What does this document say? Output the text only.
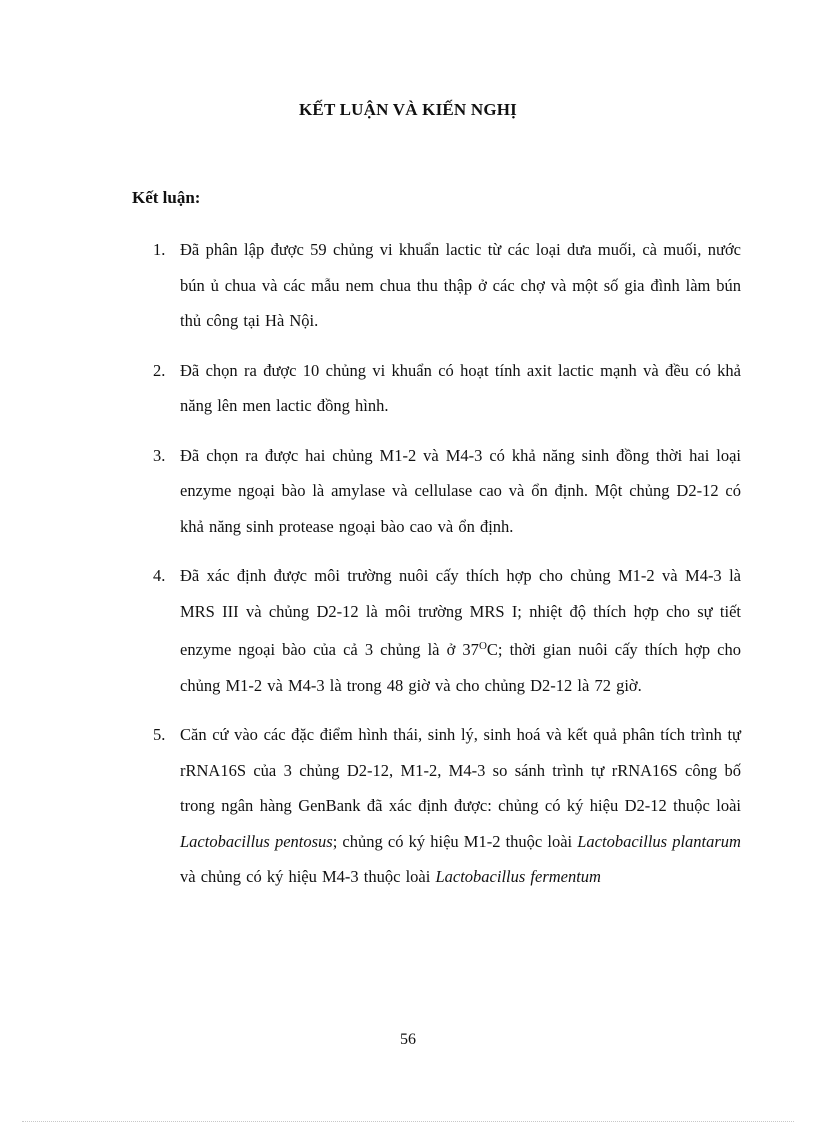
KẾT LUẬN VÀ KIẾN NGHỊ
Kết luận:
1. Đã phân lập được 59 chủng vi khuẩn lactic từ các loại dưa muối, cà muối, nước bún ủ chua và các mẫu nem chua thu thập ở các chợ và một số gia đình làm bún thủ công tại Hà Nội.
2. Đã chọn ra được 10 chủng vi khuẩn có hoạt tính axit lactic mạnh và đều có khả năng lên men lactic đồng hình.
3. Đã chọn ra được hai chủng M1-2 và M4-3 có khả năng sinh đồng thời hai loại enzyme ngoại bào là amylase và cellulase cao và ổn định. Một chủng D2-12 có khả năng sinh protease ngoại bào cao và ổn định.
4. Đã xác định được môi trường nuôi cấy thích hợp cho chủng M1-2 và M4-3 là MRS III và chủng D2-12 là môi trường MRS I; nhiệt độ thích hợp cho sự tiết enzyme ngoại bào của cả 3 chủng là ở $37^OC$; thời gian nuôi cấy thích hợp cho chủng M1-2 và M4-3 là trong 48 giờ và cho chủng D2-12 là 72 giờ.
5. Căn cứ vào các đặc điểm hình thái, sinh lý, sinh hoá và kết quả phân tích trình tự rRNA16S của 3 chủng D2-12, M1-2, M4-3 so sánh trình tự rRNA16S công bố trong ngân hàng GenBank đã xác định được: chủng có ký hiệu D2-12 thuộc loài Lactobacillus pentosus; chủng có ký hiệu M1-2 thuộc loài Lactobacillus plantarum và chủng có ký hiệu M4-3 thuộc loài Lactobacillus fermentum
56
